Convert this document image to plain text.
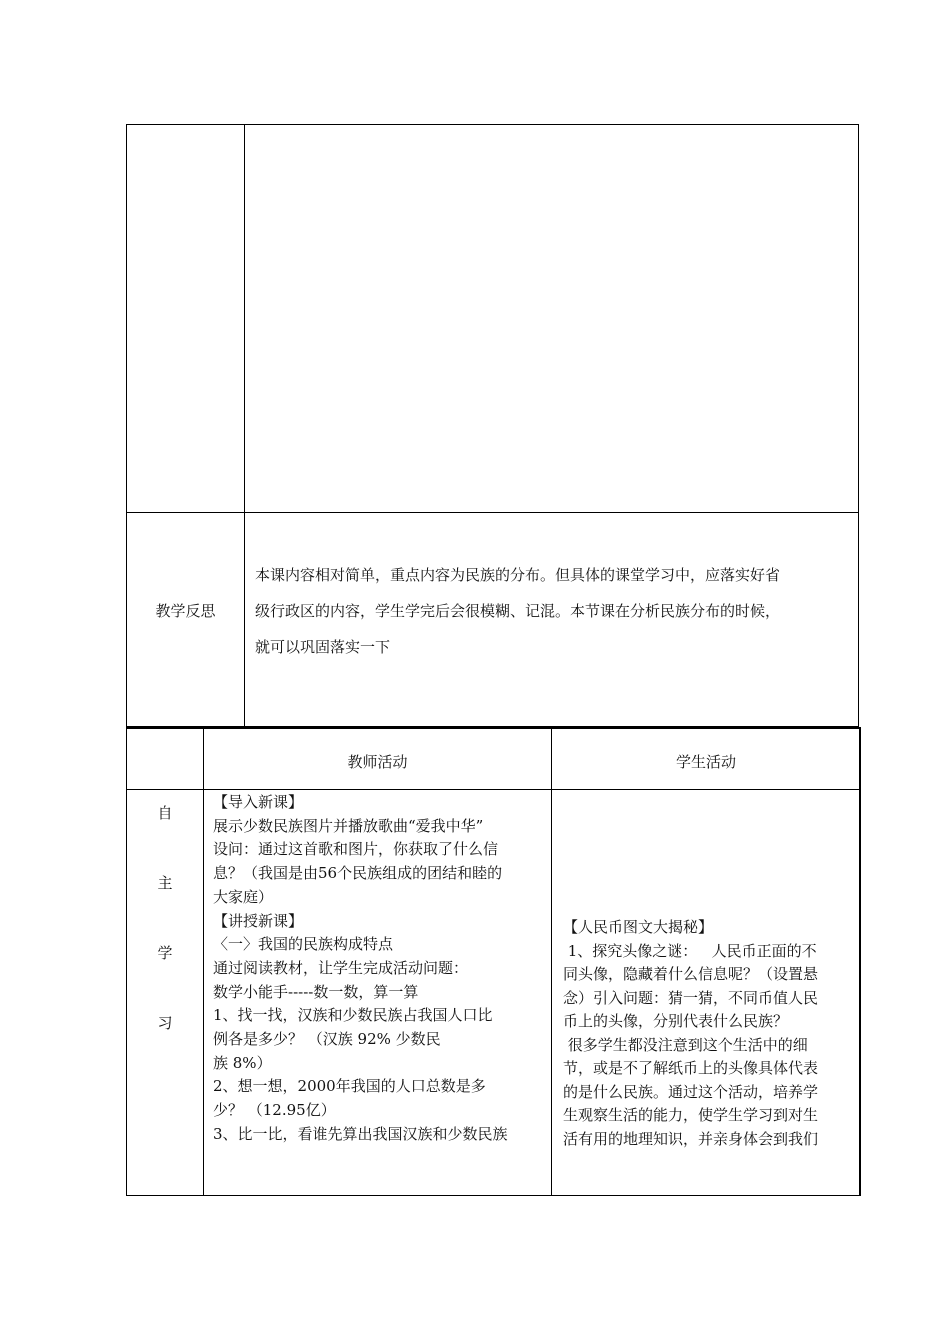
教学反思

本课内容相对简单，重点内容为民族的分布。但具体的课堂学习中，应落实好省

级行政区的内容，学生学完后会很模糊、记混。本节课在分析民族分布的时候，

就可以巩固落实一下

教师活动	学生活动
自
主
学
习
【导入新课】
展示少数民族图片并播放歌曲“爱我中华”
设问：通过这首歌和图片，你获取了什么信
息？（我国是由56个民族组成的团结和睦的
大家庭）
【讲授新课】
〈一〉我国的民族构成特点
通过阅读教材，让学生完成活动问题：
数学小能手-----数一数，算一算
1、找一找，汉族和少数民族占我国人口比
例各是多少？ （汉族 92% 少数民
族 8%）
2、想一想，2000年我国的人口总数是多
少？ （12.95亿）
3、比一比，看谁先算出我国汉族和少数民族
【人民币图文大揭秘】
1、探究头像之谜：   人民币正面的不
同头像，隐藏着什么信息呢？（设置悬
念）引入问题：猜一猜，不同币值人民
币上的头像，分别代表什么民族？
很多学生都没注意到这个生活中的细
节，或是不了解纸币上的头像具体代表
的是什么民族。通过这个活动，培养学
生观察生活的能力，使学生学习到对生
活有用的地理知识，并亲身体会到我们
